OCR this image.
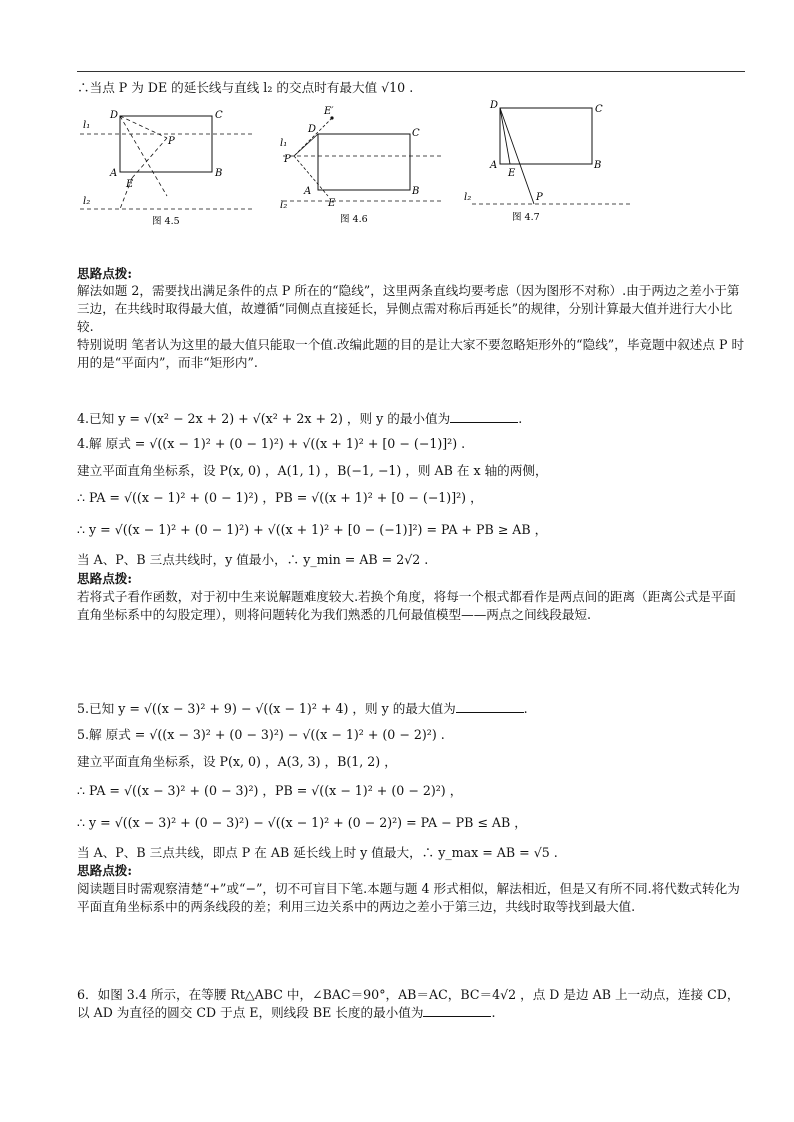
∴当点 P 为 DE 的延长线与直线 l₂ 的交点时有最大值 √10 .
D	C
A	B
E
P
l₁
l₂
图 4.5
E′
D	C
A	B
E
P
l₁
l₂
图 4.6
D	C
A	B
E
P
l₂
图 4.7
思路点拨:
解法如题 2，需要找出满足条件的点 P 所在的“隐线”，这里两条直线均要考虑（因为图形不对称）.由于两边之差小于第三边，在共线时取得最大值，故遵循“同侧点直接延长，异侧点需对称后再延长”的规律，分别计算最大值并进行大小比较.
特别说明 笔者认为这里的最大值只能取一个值.改编此题的目的是让大家不要忽略矩形外的“隐线”，毕竟题中叙述点 P 时用的是“平面内”，而非“矩形内”.
4.已知 y = √(x² − 2x + 2) + √(x² + 2x + 2) ，则 y 的最小值为	.
4.解 原式 = √((x − 1)² + (0 − 1)²) + √((x + 1)² + [0 − (−1)]²) .
建立平面直角坐标系，设 P(x, 0) ，A(1, 1) ，B(−1, −1) ，则 AB 在 x 轴的两侧，
∴ PA = √((x − 1)² + (0 − 1)²) ，PB = √((x + 1)² + [0 − (−1)]²) ，
∴ y = √((x − 1)² + (0 − 1)²) + √((x + 1)² + [0 − (−1)]²) = PA + PB ≥ AB ，
当 A、P、B 三点共线时，y 值最小，∴ y_min = AB = 2√2 .
思路点拨:
若将式子看作函数，对于初中生来说解题难度较大.若换个角度，将每一个根式都看作是两点间的距离（距离公式是平面直角坐标系中的勾股定理），则将问题转化为我们熟悉的几何最值模型——两点之间线段最短.
5.已知 y = √((x − 3)² + 9) − √((x − 1)² + 4) ，则 y 的最大值为	.
5.解 原式 = √((x − 3)² + (0 − 3)²) − √((x − 1)² + (0 − 2)²) .
建立平面直角坐标系，设 P(x, 0) ，A(3, 3) ，B(1, 2) ，
∴ PA = √((x − 3)² + (0 − 3)²) ，PB = √((x − 1)² + (0 − 2)²) ，
∴ y = √((x − 3)² + (0 − 3)²) − √((x − 1)² + (0 − 2)²) = PA − PB ≤ AB ，
当 A、P、B 三点共线，即点 P 在 AB 延长线上时 y 值最大，∴ y_max = AB = √5 .
思路点拨:
阅读题目时需观察清楚“+”或“−”，切不可盲目下笔.本题与题 4 形式相似，解法相近，但是又有所不同.将代数式转化为平面直角坐标系中的两条线段的差；利用三边关系中的两边之差小于第三边，共线时取等找到最大值.
6．如图 3.4 所示，在等腰 Rt△ABC 中，∠BAC＝90°，AB＝AC，BC＝4√2 ，点 D 是边 AB 上一动点，连接 CD，以 AD 为直径的圆交 CD 于点 E，则线段 BE 长度的最小值为	.
